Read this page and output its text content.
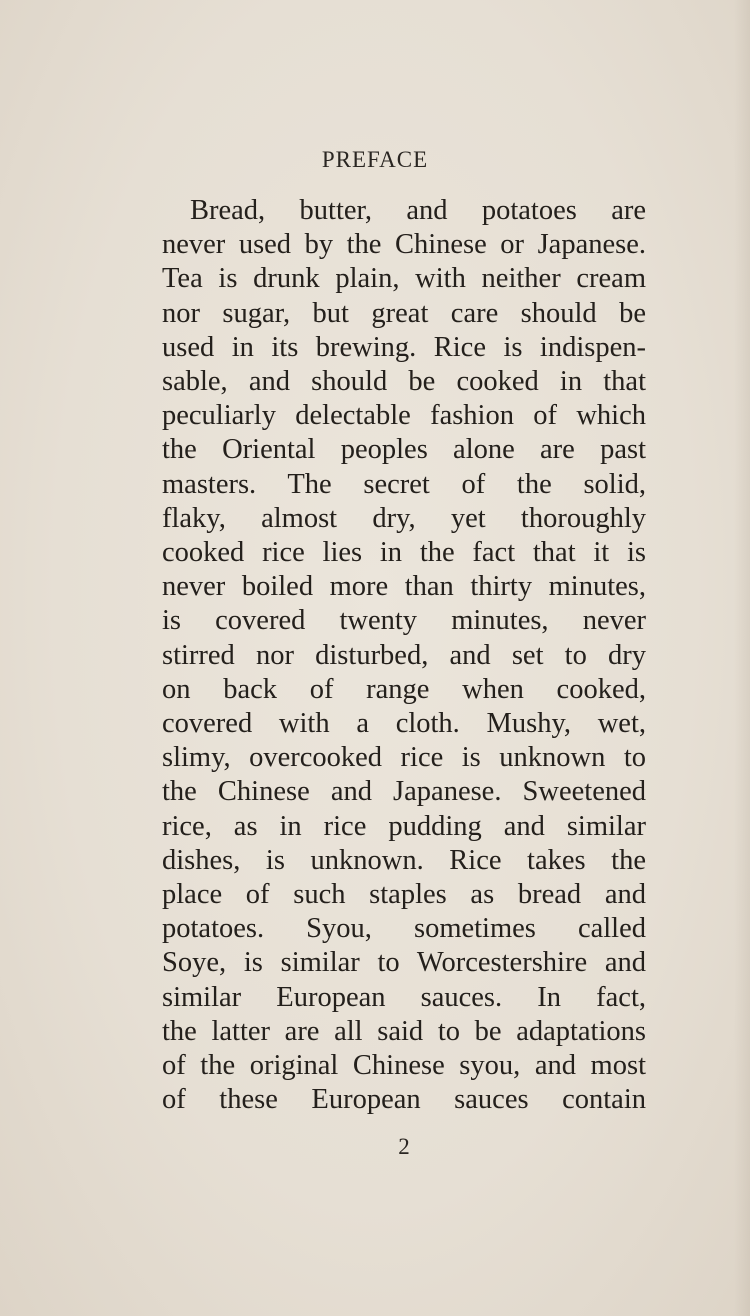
PREFACE
Bread, butter, and potatoes are
never used by the Chinese or Japanese.
Tea is drunk plain, with neither cream
nor sugar, but great care should be
used in its brewing. Rice is indispen-
sable, and should be cooked in that
peculiarly delectable fashion of which
the Oriental peoples alone are past
masters. The secret of the solid,
flaky, almost dry, yet thoroughly
cooked rice lies in the fact that it is
never boiled more than thirty minutes,
is covered twenty minutes, never
stirred nor disturbed, and set to dry
on back of range when cooked,
covered with a cloth. Mushy, wet,
slimy, overcooked rice is unknown to
the Chinese and Japanese. Sweetened
rice, as in rice pudding and similar
dishes, is unknown. Rice takes the
place of such staples as bread and
potatoes. Syou, sometimes called
Soye, is similar to Worcestershire and
similar European sauces. In fact,
the latter are all said to be adaptations
of the original Chinese syou, and most
of these European sauces contain
2
